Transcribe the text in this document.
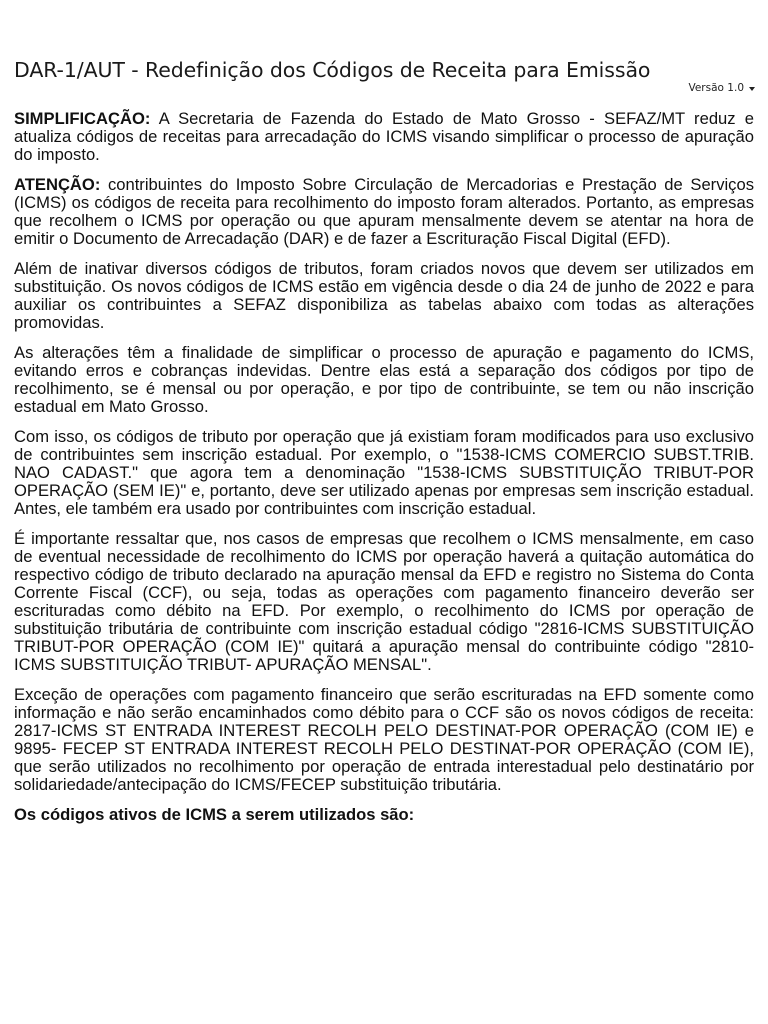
DAR-1/AUT - Redefinição dos Códigos de Receita para Emissão
Versão 1.0

SIMPLIFICAÇÃO: A Secretaria de Fazenda do Estado de Mato Grosso - SEFAZ/MT reduz e atualiza códigos de receitas para arrecadação do ICMS visando simplificar o processo de apuração do imposto.

ATENÇÃO: contribuintes do Imposto Sobre Circulação de Mercadorias e Prestação de Serviços (ICMS) os códigos de receita para recolhimento do imposto foram alterados. Portanto, as empresas que recolhem o ICMS por operação ou que apuram mensalmente devem se atentar na hora de emitir o Documento de Arrecadação (DAR) e de fazer a Escrituração Fiscal Digital (EFD).

Além de inativar diversos códigos de tributos, foram criados novos que devem ser utilizados em substituição. Os novos códigos de ICMS estão em vigência desde o dia 24 de junho de 2022 e para auxiliar os contribuintes a SEFAZ disponibiliza as tabelas abaixo com todas as alterações promovidas.

As alterações têm a finalidade de simplificar o processo de apuração e pagamento do ICMS, evitando erros e cobranças indevidas. Dentre elas está a separação dos códigos por tipo de recolhimento, se é mensal ou por operação, e por tipo de contribuinte, se tem ou não inscrição estadual em Mato Grosso.

Com isso, os códigos de tributo por operação que já existiam foram modificados para uso exclusivo de contribuintes sem inscrição estadual. Por exemplo, o "1538-ICMS COMERCIO SUBST.TRIB. NAO CADAST." que agora tem a denominação "1538-ICMS SUBSTITUIÇÃO TRIBUT-POR OPERAÇÃO (SEM IE)" e, portanto, deve ser utilizado apenas por empresas sem inscrição estadual. Antes, ele também era usado por contribuintes com inscrição estadual.

É importante ressaltar que, nos casos de empresas que recolhem o ICMS mensalmente, em caso de eventual necessidade de recolhimento do ICMS por operação haverá a quitação automática do respectivo código de tributo declarado na apuração mensal da EFD e registro no Sistema do Conta Corrente Fiscal (CCF), ou seja, todas as operações com pagamento financeiro deverão ser escrituradas como débito na EFD. Por exemplo, o recolhimento do ICMS por operação de substituição tributária de contribuinte com inscrição estadual código "2816-ICMS SUBSTITUIÇÃO TRIBUT-POR OPERAÇÃO (COM IE)" quitará a apuração mensal do contribuinte código "2810-ICMS SUBSTITUIÇÃO TRIBUT- APURAÇÃO MENSAL".

Exceção de operações com pagamento financeiro que serão escrituradas na EFD somente como informação e não serão encaminhados como débito para o CCF são os novos códigos de receita: 2817-ICMS ST ENTRADA INTEREST RECOLH PELO DESTINAT-POR OPERAÇÃO (COM IE) e 9895- FECEP ST ENTRADA INTEREST RECOLH PELO DESTINAT-POR OPERAÇÃO (COM IE), que serão utilizados no recolhimento por operação de entrada interestadual pelo destinatário por solidariedade/antecipação do ICMS/FECEP substituição tributária.

Os códigos ativos de ICMS a serem utilizados são:
